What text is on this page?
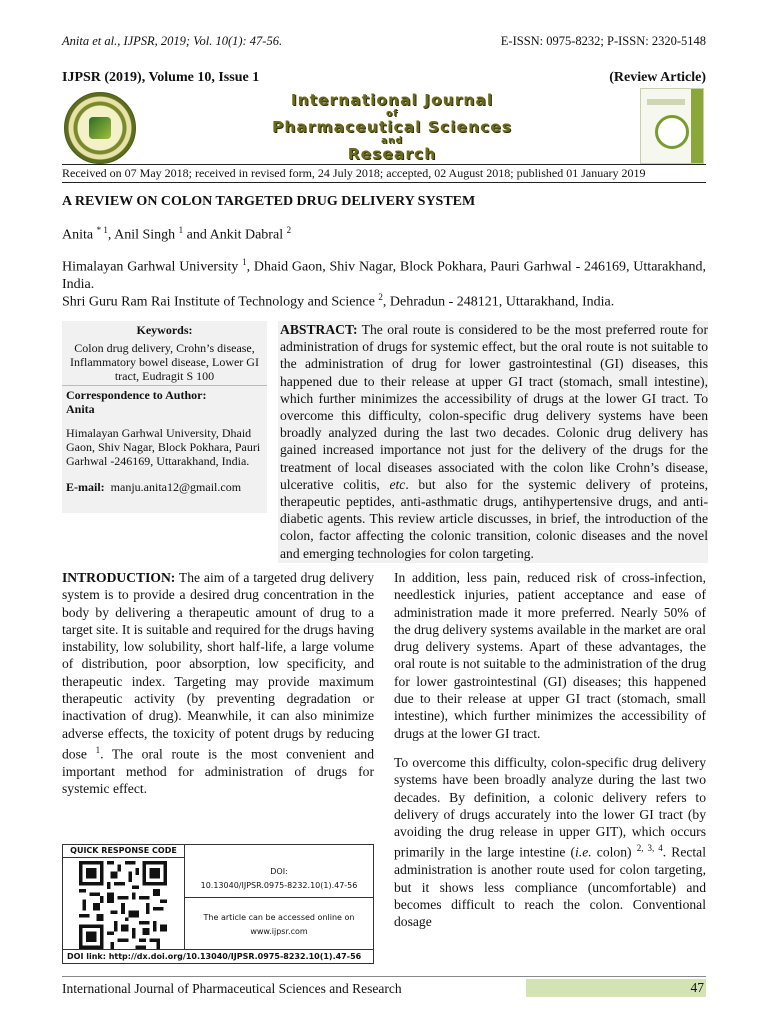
Anita et al., IJPSR, 2019; Vol. 10(1): 47-56.	E-ISSN: 0975-8232; P-ISSN: 2320-5148
IJPSR (2019), Volume 10, Issue 1	(Review Article)
International Journal
of
Pharmaceutical Sciences
and
Research
Received on 07 May 2018; received in revised form, 24 July 2018; accepted, 02 August 2018; published 01 January 2019
A REVIEW ON COLON TARGETED DRUG DELIVERY SYSTEM
Anita $^{* 1}$, Anil Singh $^1$ and Ankit Dabral $^2$
Himalayan Garhwal University $^1$, Dhaid Gaon, Shiv Nagar, Block Pokhara, Pauri Garhwal - 246169, Uttarakhand, India.
Shri Guru Ram Rai Institute of Technology and Science $^2$, Dehradun - 248121, Uttarakhand, India.
Keywords:
Colon drug delivery, Crohn’s disease, Inflammatory bowel disease, Lower GI tract, Eudragit S 100
Correspondence to Author:
Anita
Himalayan Garhwal University, Dhaid Gaon, Shiv Nagar, Block Pokhara, Pauri Garhwal -246169, Uttarakhand, India.
E-mail: manju.anita12@gmail.com
ABSTRACT: The oral route is considered to be the most preferred route for administration of drugs for systemic effect, but the oral route is not suitable to the administration of drug for lower gastrointestinal (GI) diseases, this happened due to their release at upper GI tract (stomach, small intestine), which further minimizes the accessibility of drugs at the lower GI tract. To overcome this difficulty, colon-specific drug delivery systems have been broadly analyzed during the last two decades. Colonic drug delivery has gained increased importance not just for the delivery of the drugs for the treatment of local diseases associated with the colon like Crohn’s disease, ulcerative colitis, etc. but also for the systemic delivery of proteins, therapeutic peptides, anti-asthmatic drugs, antihypertensive drugs, and anti-diabetic agents. This review article discusses, in brief, the introduction of the colon, factor affecting the colonic transition, colonic diseases and the novel and emerging technologies for colon targeting.

INTRODUCTION: The aim of a targeted drug delivery system is to provide a desired drug concentration in the body by delivering a therapeutic amount of drug to a target site. It is suitable and required for the drugs having instability, low solubility, short half-life, a large volume of distribution, poor absorption, low specificity, and therapeutic index. Targeting may provide maximum therapeutic activity (by preventing degradation or inactivation of drug). Meanwhile, it can also minimize adverse effects, the toxicity of potent drugs by reducing dose $^1$. The oral route is the most convenient and important method for administration of drugs for systemic effect.

In addition, less pain, reduced risk of cross-infection, needlestick injuries, patient acceptance and ease of administration made it more preferred. Nearly 50% of the drug delivery systems available in the market are oral drug delivery systems. Apart of these advantages, the oral route is not suitable to the administration of the drug for lower gastrointestinal (GI) diseases; this happened due to their release at upper GI tract (stomach, small intestine), which further minimizes the accessibility of drugs at the lower GI tract.

To overcome this difficulty, colon-specific drug delivery systems have been broadly analyze during the last two decades. By definition, a colonic delivery refers to delivery of drugs accurately into the lower GI tract (by avoiding the drug release in upper GIT), which occurs primarily in the large intestine (i.e. colon) $^{2, 3, 4}$. Rectal administration is another route used for colon targeting, but it shows less compliance (uncomfortable) and becomes difficult to reach the colon. Conventional dosage

QUICK RESPONSE CODE
DOI:
10.13040/IJPSR.0975-8232.10(1).47-56
The article can be accessed online on
www.ijpsr.com
DOI link: http://dx.doi.org/10.13040/IJPSR.0975-8232.10(1).47-56
International Journal of Pharmaceutical Sciences and Research	47
